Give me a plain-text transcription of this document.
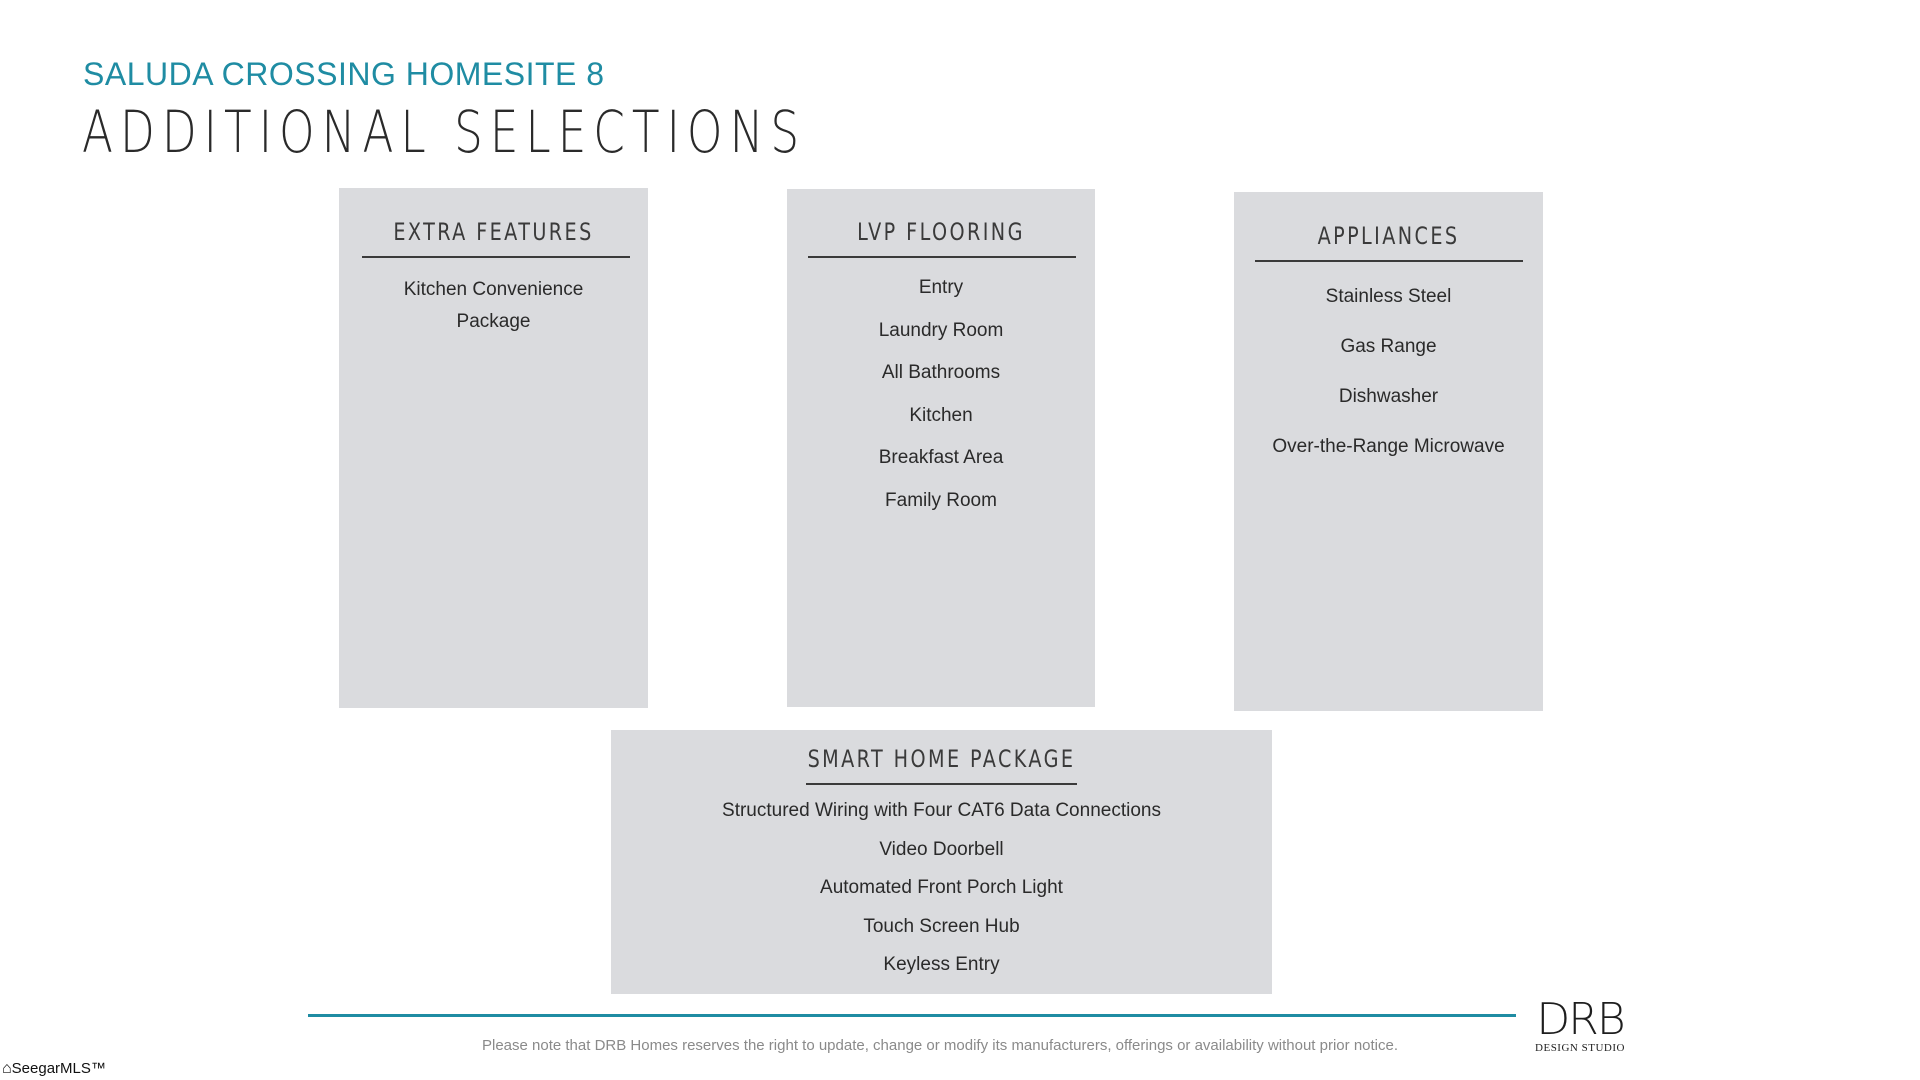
SALUDA CROSSING HOMESITE 8
ADDITIONAL SELECTIONS
EXTRA FEATURES
Kitchen Convenience
Package
LVP FLOORING
Entry
Laundry Room
All Bathrooms
Kitchen
Breakfast Area
Family Room
APPLIANCES
Stainless Steel
Gas Range
Dishwasher
Over-the-Range Microwave
SMART HOME PACKAGE
Structured Wiring with Four CAT6 Data Connections
Video Doorbell
Automated Front Porch Light
Touch Screen Hub
Keyless Entry
Please note that DRB Homes reserves the right to update, change or modify its manufacturers, offerings or availability without prior notice.
DRB
DESIGN STUDIO
⌂SeegarMLS™
